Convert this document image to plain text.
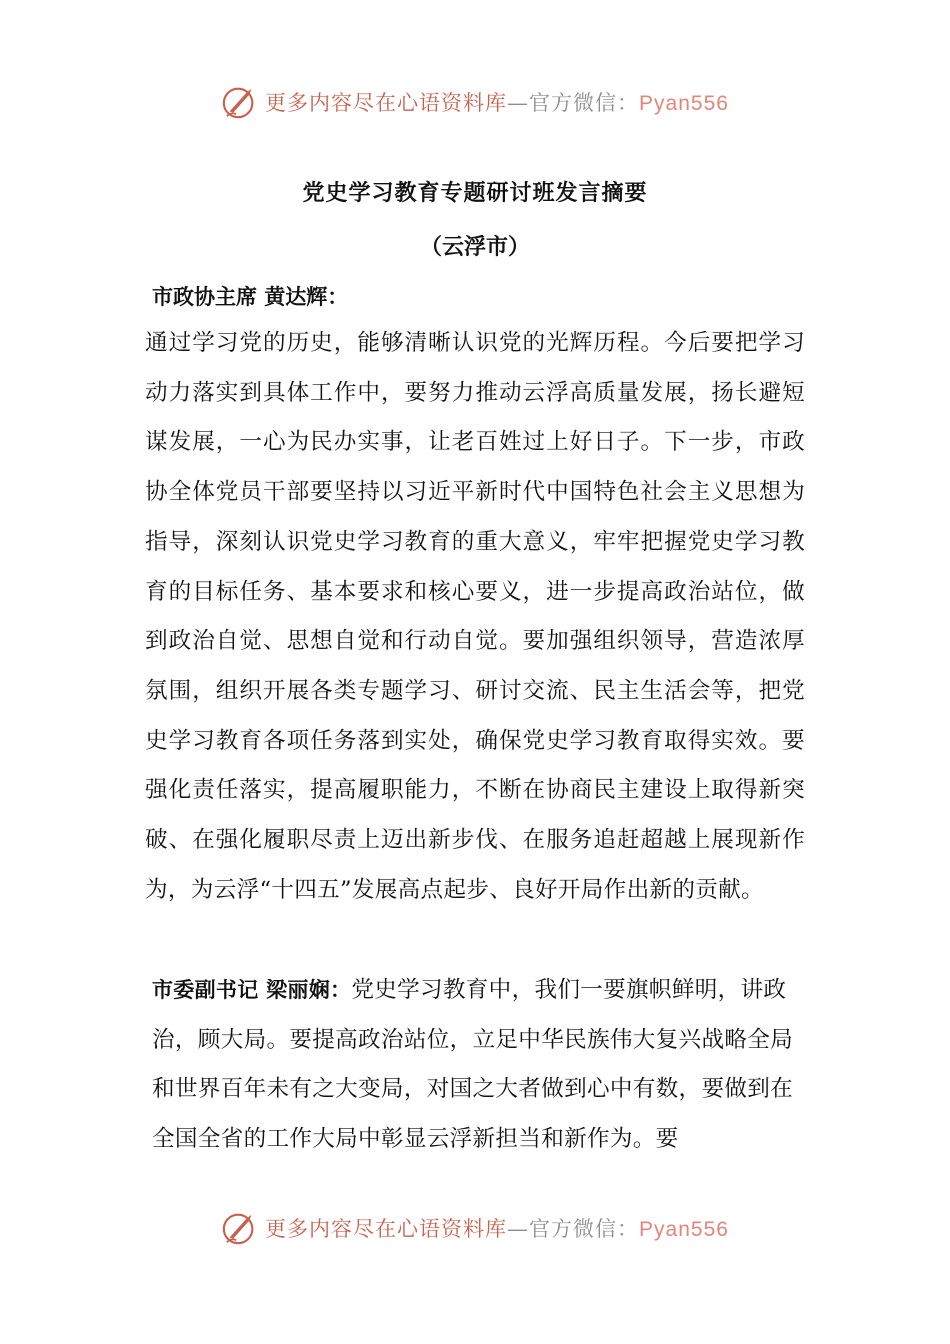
更多内容尽在心语资料库—官方微信：Pyan556
党史学习教育专题研讨班发言摘要
（云浮市）
市政协主席 黄达辉：
通过学习党的历史，能够清晰认识党的光辉历程。今后要把学习动力落实到具体工作中，要努力推动云浮高质量发展，扬长避短谋发展，一心为民办实事，让老百姓过上好日子。下一步，市政协全体党员干部要坚持以习近平新时代中国特色社会主义思想为指导，深刻认识党史学习教育的重大意义，牢牢把握党史学习教育的目标任务、基本要求和核心要义，进一步提高政治站位，做到政治自觉、思想自觉和行动自觉。要加强组织领导，营造浓厚氛围，组织开展各类专题学习、研讨交流、民主生活会等，把党史学习教育各项任务落到实处，确保党史学习教育取得实效。要强化责任落实，提高履职能力，不断在协商民主建设上取得新突破、在强化履职尽责上迈出新步伐、在服务追赶超越上展现新作为，为云浮“十四五”发展高点起步、良好开局作出新的贡献。
市委副书记 梁丽娴：党史学习教育中，我们一要旗帜鲜明，讲政治，顾大局。要提高政治站位，立足中华民族伟大复兴战略全局和世界百年未有之大变局，对国之大者做到心中有数，要做到在全国全省的工作大局中彰显云浮新担当和新作为。要
更多内容尽在心语资料库—官方微信：Pyan556
